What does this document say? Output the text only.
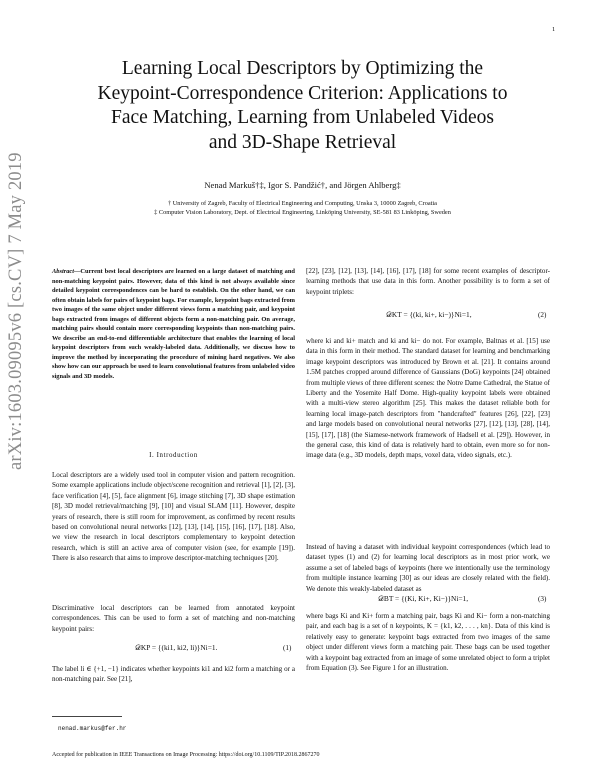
1
arXiv:1603.09095v6 [cs.CV] 7 May 2019
Learning Local Descriptors by Optimizing the
Keypoint-Correspondence Criterion: Applications to
Face Matching, Learning from Unlabeled Videos
and 3D-Shape Retrieval
Nenad Markuš†‡, Igor S. Pandžić†, and Jörgen Ahlberg‡
† University of Zagreb, Faculty of Electrical Engineering and Computing, Unska 3, 10000 Zagreb, Croatia
‡ Computer Vision Laboratory, Dept. of Electrical Engineering, Linköping University, SE-581 83 Linköping, Sweden
Abstract—Current best local descriptors are learned on a large dataset of matching and non-matching keypoint pairs. However, data of this kind is not always available since detailed keypoint correspondences can be hard to establish. On the other hand, we can often obtain labels for pairs of keypoint bags. For example, keypoint bags extracted from two images of the same object under different views form a matching pair, and keypoint bags extracted from images of different objects form a non-matching pair. On average, matching pairs should contain more corresponding keypoints than non-matching pairs. We describe an end-to-end differentiable architecture that enables the learning of local keypoint descriptors from such weakly-labeled data. Additionally, we discuss how to improve the method by incorporating the procedure of mining hard negatives. We also show how can our approach be used to learn convolutional features from unlabeled video signals and 3D models.
I. Introduction
Local descriptors are a widely used tool in computer vision and pattern recognition. Some example applications include object/scene recognition and retrieval [1], [2], [3], face verification [4], [5], face alignment [6], image stitching [7], 3D shape estimation [8], 3D model retrieval/matching [9], [10] and visual SLAM [11]. However, despite years of research, there is still room for improvement, as confirmed by recent results based on convolutional neural networks [12], [13], [14], [15], [16], [17], [18]. Also, we view the research in local descriptors complementary to keypoint detection research, which is still an active area of computer vision (see, for example [19]). There is also research that aims to improve descriptor-matching techniques [20].
Discriminative local descriptors can be learned from annotated keypoint correspondences. This can be used to form a set of matching and non-matching keypoint pairs:
𝒟KP = {(ki1, ki2, li)}Ni=1.	(1)
The label li ∈ {+1, −1} indicates whether keypoints ki1 and ki2 form a matching or a non-matching pair. See [21],
nenad.markus@fer.hr
Accepted for publication in IEEE Transactions on Image Processing: https://doi.org/10.1109/TIP.2018.2867270
[22], [23], [12], [13], [14], [16], [17], [18] for some recent examples of descriptor-learning methods that use data in this form. Another possibility is to form a set of keypoint triplets:
𝒟KT = {(ki, ki+, ki−)}Ni=1,	(2)
where ki and ki+ match and ki and ki− do not. For example, Baltnas et al. [15] use data in this form in their method. The standard dataset for learning and benchmarking image keypoint descriptors was introduced by Brown et al. [21]. It contains around 1.5M patches cropped around difference of Gaussians (DoG) keypoints [24] obtained from multiple views of three different scenes: the Notre Dame Cathedral, the Statue of Liberty and the Yosemite Half Dome. High-quality keypoint labels were obtained with a multi-view stereo algorithm [25]. This makes the dataset reliable both for learning local image-patch descriptors from "handcrafted" features [26], [22], [23] and large models based on convolutional neural networks [27], [12], [13], [28], [14], [15], [17], [18] (the Siamese-network framework of Hadsell et al. [29]). However, in the general case, this kind of data is relatively hard to obtain, even more so for non-image data (e.g., 3D models, depth maps, voxel data, video signals, etc.).
Instead of having a dataset with individual keypoint correspondences (which lead to dataset types (1) and (2) for learning local descriptors as in most prior work, we assume a set of labeled bags of keypoints (here we intentionally use the terminology from multiple instance learning [30] as our ideas are closely related with the field). We denote this weakly-labeled dataset as
𝒟BT = {(Ki, Ki+, Ki−)}Ni=1,	(3)
where bags Ki and Ki+ form a matching pair, bags Ki and Ki− form a non-matching pair, and each bag is a set of n keypoints, K = {k1, k2, . . . , kn}. Data of this kind is relatively easy to generate: keypoint bags extracted from two images of the same object under different views form a matching pair. These bags can be used together with a keypoint bag extracted from an image of some unrelated object to form a triplet from Equation (3). See Figure 1 for an illustration.
